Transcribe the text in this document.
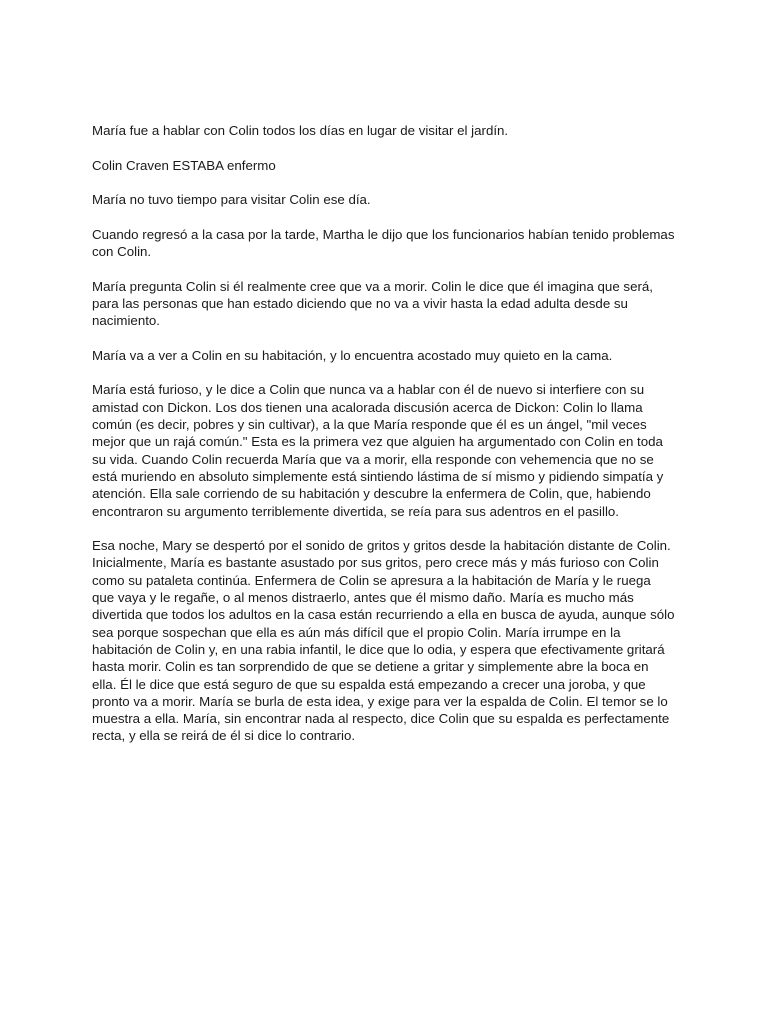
María fue a hablar con Colin todos los días en lugar de visitar el jardín.

Colin Craven ESTABA enfermo

María no tuvo tiempo para visitar Colin ese día.

Cuando regresó a la casa por la tarde, Martha le dijo que los funcionarios habían tenido problemas con Colin.

María pregunta Colin si él realmente cree que va a morir. Colin le dice que él imagina que será, para las personas que han estado diciendo que no va a vivir hasta la edad adulta desde su nacimiento.

María va a ver a Colin en su habitación, y lo encuentra acostado muy quieto en la cama.

María está furioso, y le dice a Colin que nunca va a hablar con él de nuevo si interfiere con su amistad con Dickon. Los dos tienen una acalorada discusión acerca de Dickon: Colin lo llama común (es decir, pobres y sin cultivar), a la que María responde que él es un ángel, "mil veces mejor que un rajá común." Esta es la primera vez que alguien ha argumentado con Colin en toda su vida. Cuando Colin recuerda María que va a morir, ella responde con vehemencia que no se está muriendo en absoluto simplemente está sintiendo lástima de sí mismo y pidiendo simpatía y atención. Ella sale corriendo de su habitación y descubre la enfermera de Colin, que, habiendo encontraron su argumento terriblemente divertida, se reía para sus adentros en el pasillo.

Esa noche, Mary se despertó por el sonido de gritos y gritos desde la habitación distante de Colin. Inicialmente, María es bastante asustado por sus gritos, pero crece más y más furioso con Colin como su pataleta continúa. Enfermera de Colin se apresura a la habitación de María y le ruega que vaya y le regañe, o al menos distraerlo, antes que él mismo daño. María es mucho más divertida que todos los adultos en la casa están recurriendo a ella en busca de ayuda, aunque sólo sea porque sospechan que ella es aún más difícil que el propio Colin. María irrumpe en la habitación de Colin y, en una rabia infantil, le dice que lo odia, y espera que efectivamente gritará hasta morir. Colin es tan sorprendido de que se detiene a gritar y simplemente abre la boca en ella. Él le dice que está seguro de que su espalda está empezando a crecer una joroba, y que pronto va a morir. María se burla de esta idea, y exige para ver la espalda de Colin. El temor se lo muestra a ella. María, sin encontrar nada al respecto, dice Colin que su espalda es perfectamente recta, y ella se reirá de él si dice lo contrario.
